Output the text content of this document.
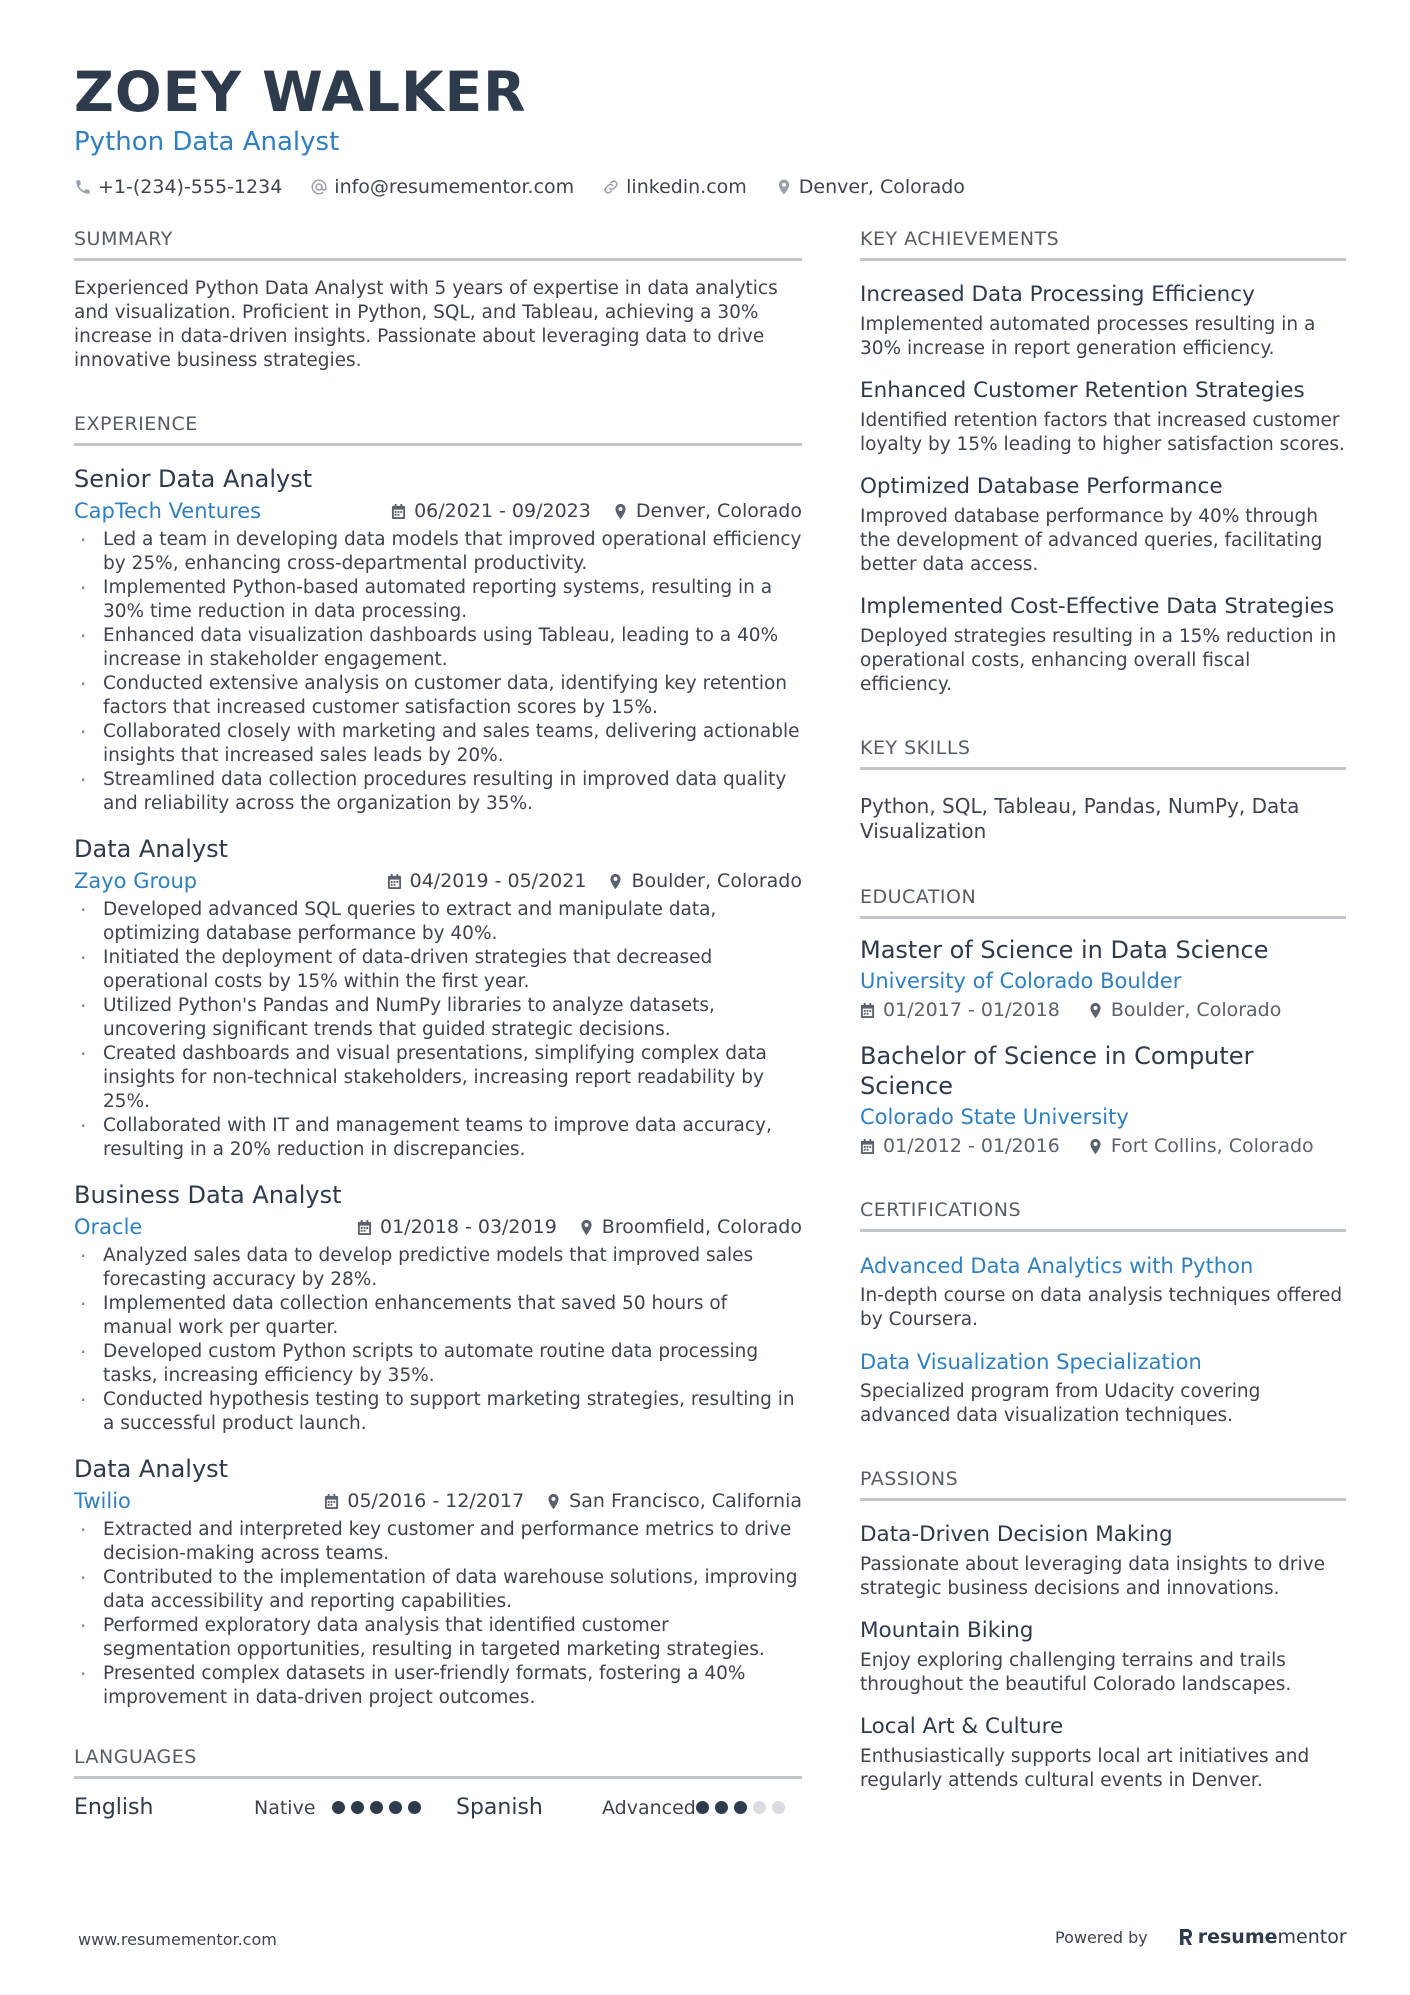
ZOEY WALKER
Python Data Analyst
+1-(234)-555-1234	info@resumementor.com	linkedin.com	Denver, Colorado
SUMMARY
Experienced Python Data Analyst with 5 years of expertise in data analytics and visualization. Proficient in Python, SQL, and Tableau, achieving a 30% increase in data-driven insights. Passionate about leveraging data to drive innovative business strategies.
EXPERIENCE
Senior Data Analyst
CapTech Ventures	06/2021 - 09/2023 Denver, Colorado
· Led a team in developing data models that improved operational efficiency by 25%, enhancing cross-departmental productivity.
· Implemented Python-based automated reporting systems, resulting in a 30% time reduction in data processing.
· Enhanced data visualization dashboards using Tableau, leading to a 40% increase in stakeholder engagement.
· Conducted extensive analysis on customer data, identifying key retention factors that increased customer satisfaction scores by 15%.
· Collaborated closely with marketing and sales teams, delivering actionable insights that increased sales leads by 20%.
· Streamlined data collection procedures resulting in improved data quality and reliability across the organization by 35%.
Data Analyst
Zayo Group	04/2019 - 05/2021 Boulder, Colorado
· Developed advanced SQL queries to extract and manipulate data, optimizing database performance by 40%.
· Initiated the deployment of data-driven strategies that decreased operational costs by 15% within the first year.
· Utilized Python's Pandas and NumPy libraries to analyze datasets, uncovering significant trends that guided strategic decisions.
· Created dashboards and visual presentations, simplifying complex data insights for non-technical stakeholders, increasing report readability by 25%.
· Collaborated with IT and management teams to improve data accuracy, resulting in a 20% reduction in discrepancies.
Business Data Analyst
Oracle	01/2018 - 03/2019 Broomfield, Colorado
· Analyzed sales data to develop predictive models that improved sales forecasting accuracy by 28%.
· Implemented data collection enhancements that saved 50 hours of manual work per quarter.
· Developed custom Python scripts to automate routine data processing tasks, increasing efficiency by 35%.
· Conducted hypothesis testing to support marketing strategies, resulting in a successful product launch.
Data Analyst
Twilio	05/2016 - 12/2017 San Francisco, California
· Extracted and interpreted key customer and performance metrics to drive decision-making across teams.
· Contributed to the implementation of data warehouse solutions, improving data accessibility and reporting capabilities.
· Performed exploratory data analysis that identified customer segmentation opportunities, resulting in targeted marketing strategies.
· Presented complex datasets in user-friendly formats, fostering a 40% improvement in data-driven project outcomes.
LANGUAGES
English	Native	Spanish	Advanced
KEY ACHIEVEMENTS
Increased Data Processing Efficiency
Implemented automated processes resulting in a 30% increase in report generation efficiency.
Enhanced Customer Retention Strategies
Identified retention factors that increased customer loyalty by 15% leading to higher satisfaction scores.
Optimized Database Performance
Improved database performance by 40% through the development of advanced queries, facilitating better data access.
Implemented Cost-Effective Data Strategies
Deployed strategies resulting in a 15% reduction in operational costs, enhancing overall fiscal efficiency.
KEY SKILLS
Python, SQL, Tableau, Pandas, NumPy, Data Visualization
EDUCATION
Master of Science in Data Science
University of Colorado Boulder
01/2017 - 01/2018	Boulder, Colorado
Bachelor of Science in Computer Science
Colorado State University
01/2012 - 01/2016	Fort Collins, Colorado
CERTIFICATIONS
Advanced Data Analytics with Python
In-depth course on data analysis techniques offered by Coursera.
Data Visualization Specialization
Specialized program from Udacity covering advanced data visualization techniques.
PASSIONS
Data-Driven Decision Making
Passionate about leveraging data insights to drive strategic business decisions and innovations.
Mountain Biking
Enjoy exploring challenging terrains and trails throughout the beautiful Colorado landscapes.
Local Art & Culture
Enthusiastically supports local art initiatives and regularly attends cultural events in Denver.
www.resumementor.com	Powered by	resume mentor
